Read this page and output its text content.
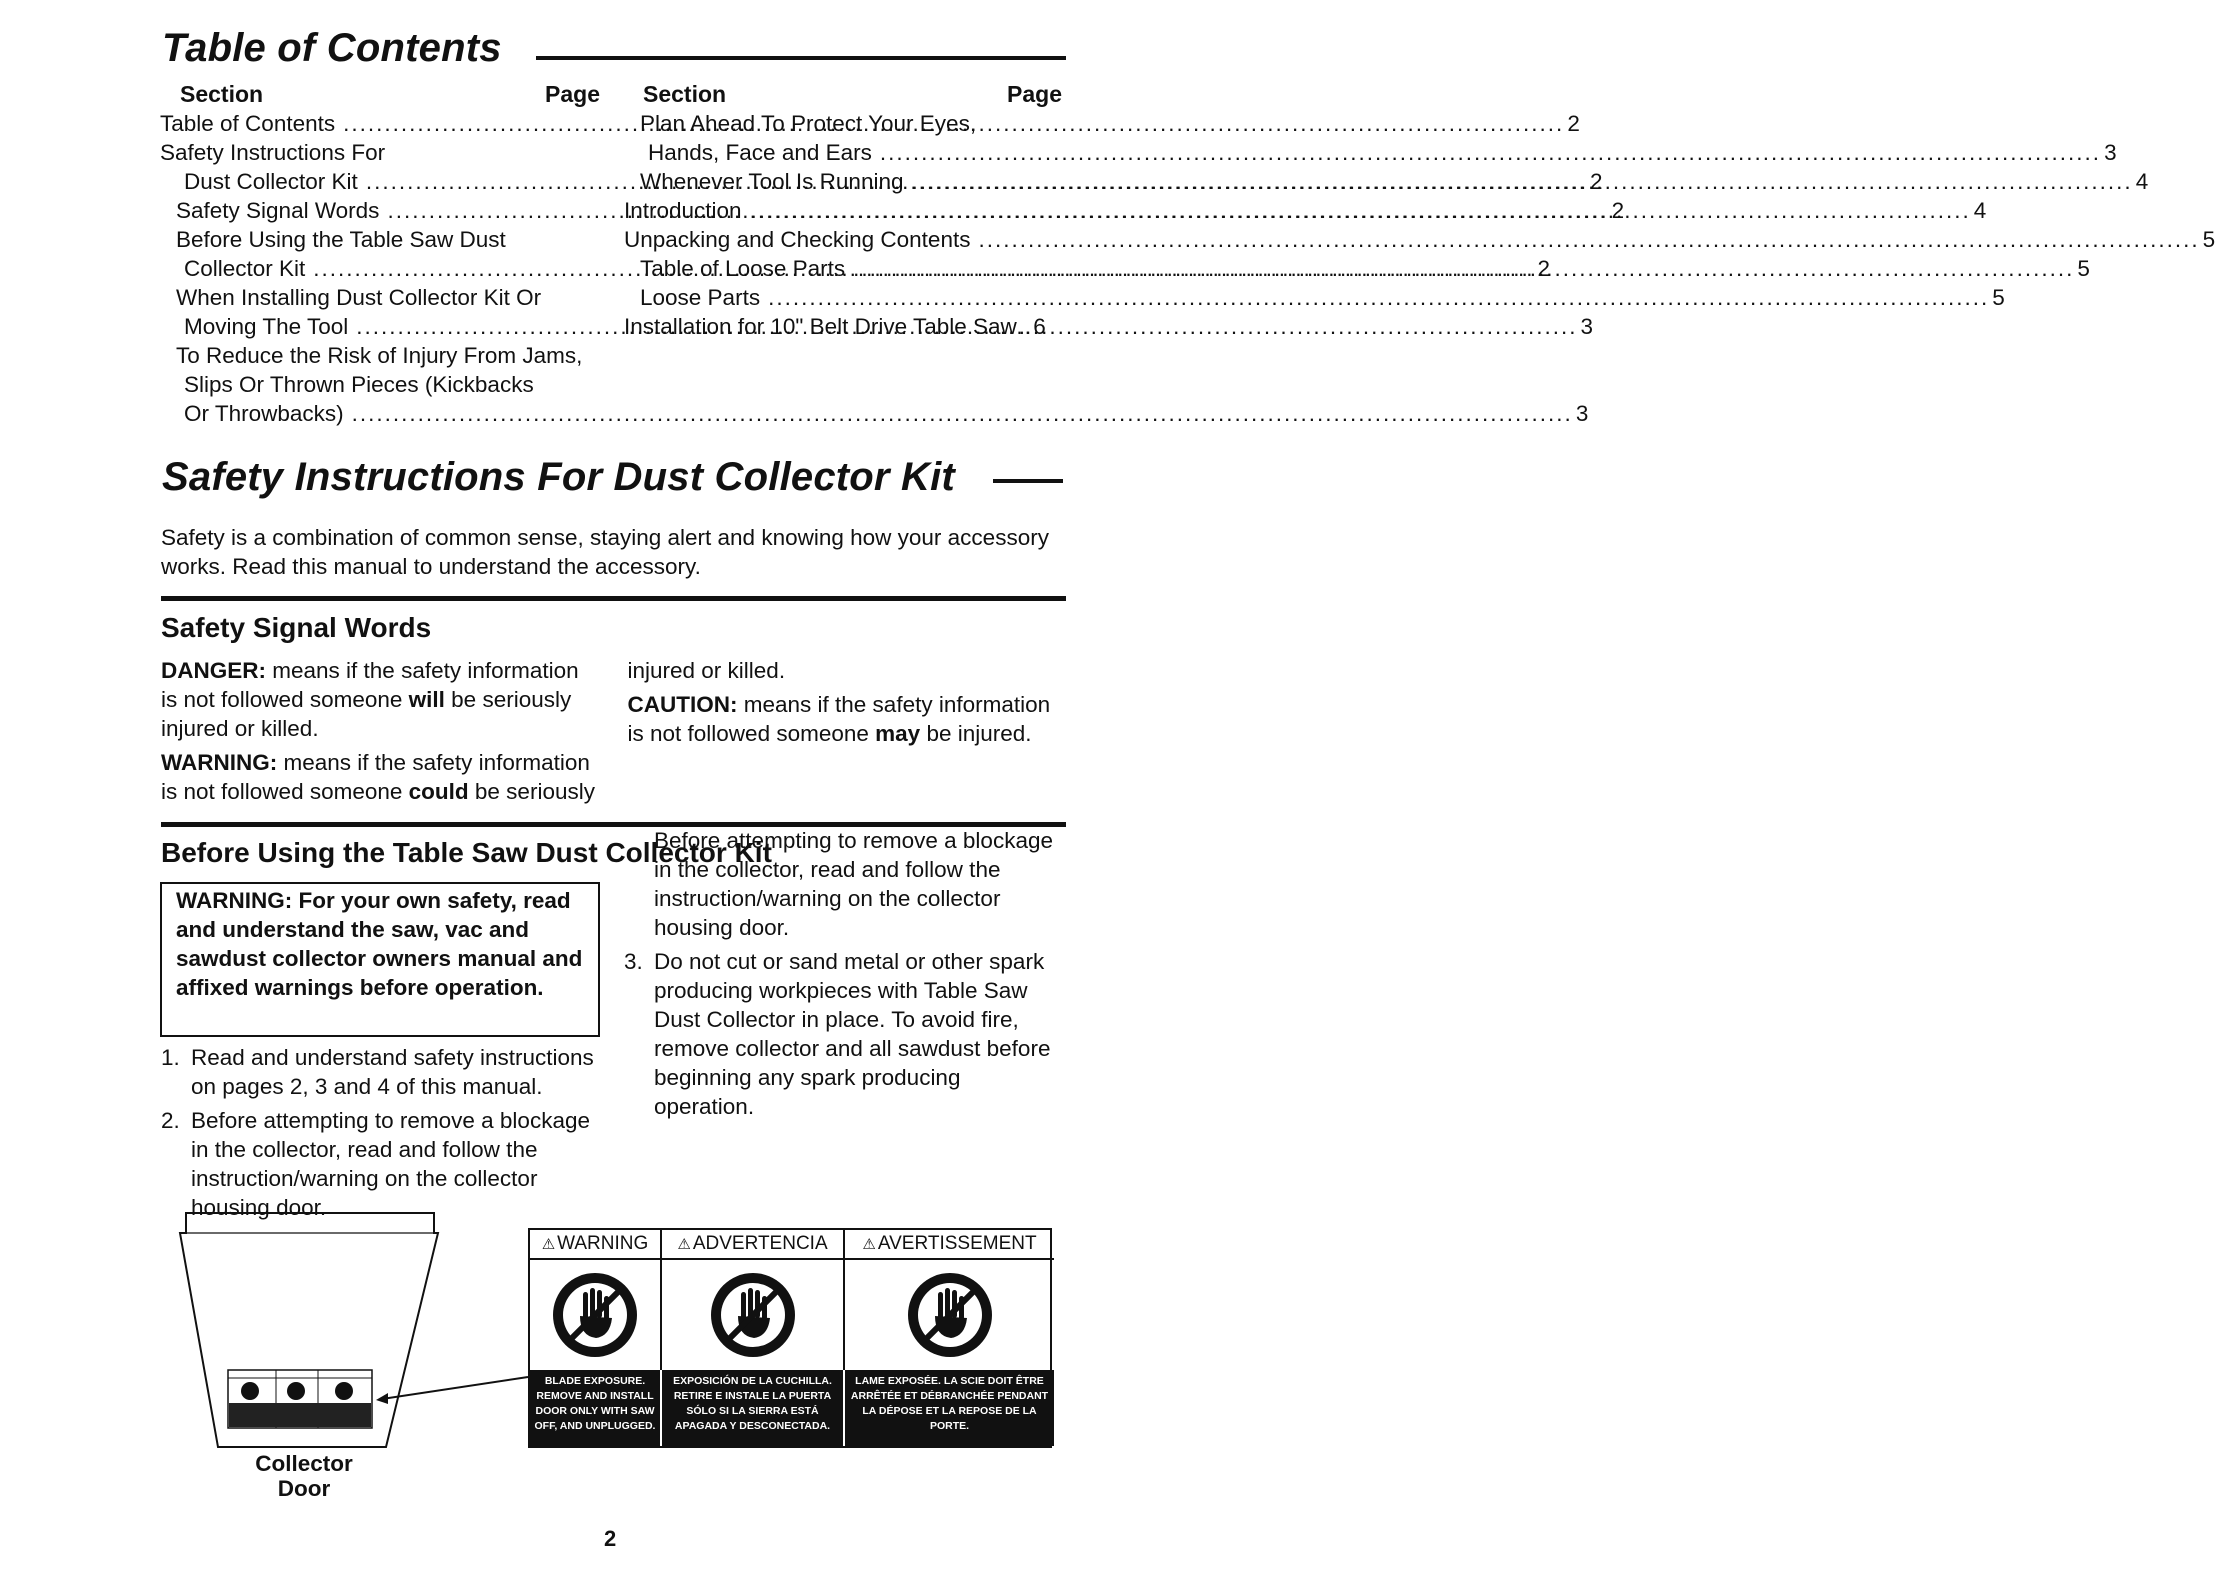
Table of Contents
Section	Page
Table of Contents .....	2
Safety Instructions For
Dust Collector Kit .....	2
Safety Signal Words .....	2
Before Using the Table Saw Dust
Collector Kit .....	2
When Installing Dust Collector Kit Or
Moving The Tool .....	3
To Reduce the Risk of Injury From Jams,
Slips Or Thrown Pieces (Kickbacks
Or Throwbacks) .....	3
Section	Page
Plan Ahead To Protect Your Eyes,
Hands, Face and Ears .....	3
Whenever Tool Is Running .....	4
Introduction .....	4
Unpacking and Checking Contents .....	5
Table of Loose Parts .....	5
Loose Parts .....	5
Installation for 10" Belt Drive Table Saw .. 6
Safety Instructions For Dust Collector Kit

Safety is a combination of common sense, staying alert and knowing how your accessory works. Read this manual to understand the accessory.

Safety Signal Words

DANGER: means if the safety information is not followed someone will be seriously injured or killed.

WARNING: means if the safety information is not followed someone could be seriously injured or killed.

CAUTION: means if the safety information is not followed someone may be injured.

Before Using the Table Saw Dust Collector Kit
WARNING: For your own safety, read and understand the saw, vac and sawdust collector owners manual and affixed warnings before operation.
1. Read and understand safety instructions on pages 2, 3 and 4 of this manual.
2. Before attempting to remove a blockage in the collector, read and follow the instruction/warning on the collector housing door.
Before attempting to remove a blockage in the collector, read and follow the instruction/warning on the collector housing door.
3. Do not cut or sand metal or other spark producing workpieces with Table Saw Dust Collector in place. To avoid fire, remove collector and all sawdust before beginning any spark producing operation.
Collector
Door
⚠ WARNING ⚠ ADVERTENCIA ⚠ AVERTISSEMENT
BLADE EXPOSURE. REMOVE AND INSTALL DOOR ONLY WITH SAW OFF, AND UNPLUGGED.
EXPOSICIÓN DE LA CUCHILLA. RETIRE E INSTALE LA PUERTA SÓLO SI LA SIERRA ESTÁ APAGADA Y DESCONECTADA.
LAME EXPOSÉE. LA SCIE DOIT ÊTRE ARRÊTÉE ET DÉBRANCHÉE PENDANT LA DÉPOSE ET LA REPOSE DE LA PORTE.
2
